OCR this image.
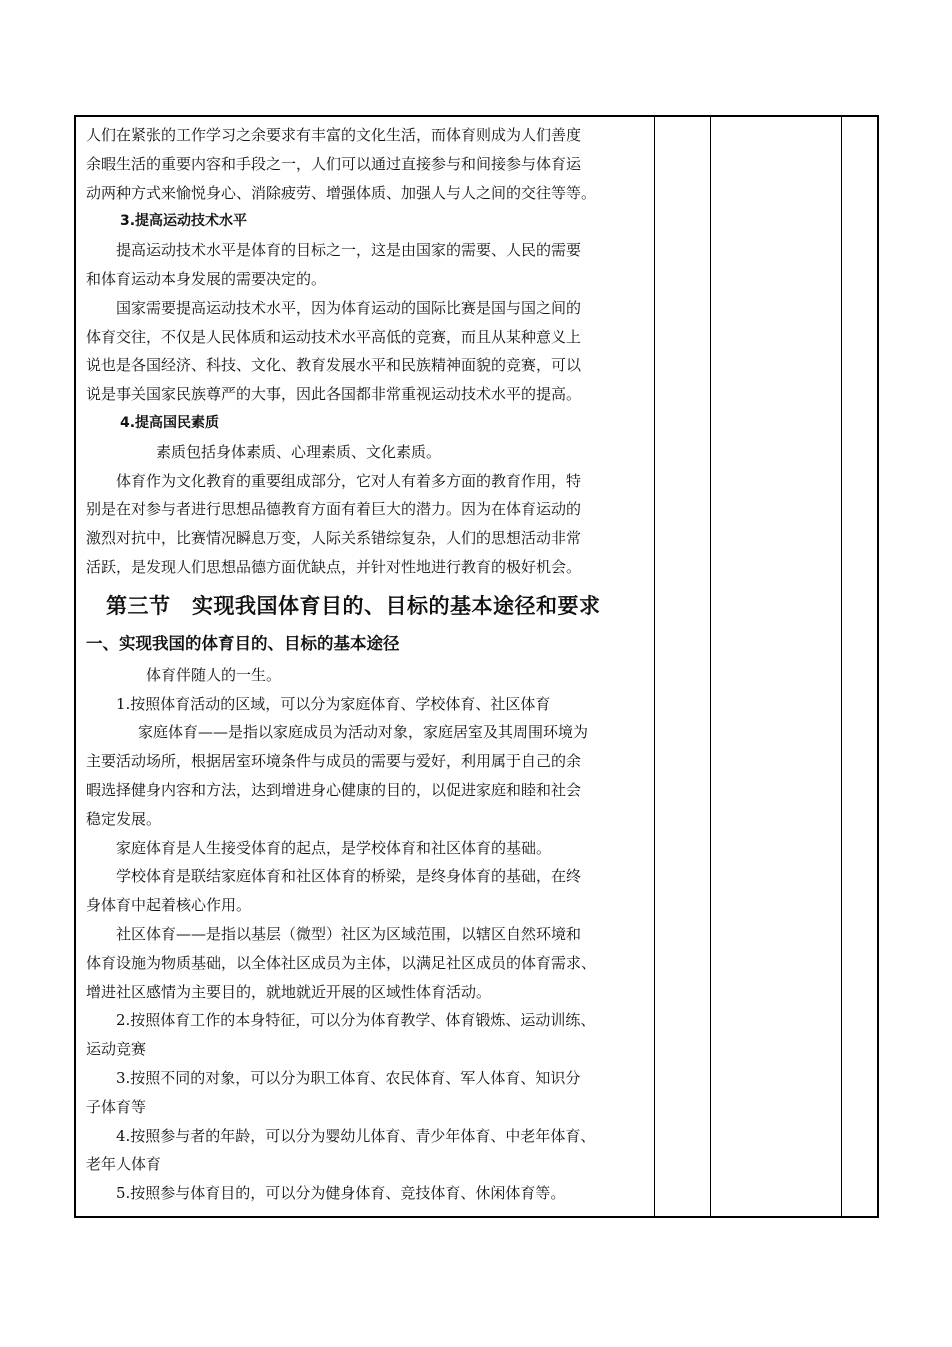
人们在紧张的工作学习之余要求有丰富的文化生活，而体育则成为人们善度
余暇生活的重要内容和手段之一，人们可以通过直接参与和间接参与体育运
动两种方式来愉悦身心、消除疲劳、增强体质、加强人与人之间的交往等等。
3.提高运动技术水平
提高运动技术水平是体育的目标之一，这是由国家的需要、人民的需要
和体育运动本身发展的需要决定的。
国家需要提高运动技术水平，因为体育运动的国际比赛是国与国之间的
体育交往，不仅是人民体质和运动技术水平高低的竞赛，而且从某种意义上
说也是各国经济、科技、文化、教育发展水平和民族精神面貌的竞赛，可以
说是事关国家民族尊严的大事，因此各国都非常重视运动技术水平的提高。
4.提高国民素质
素质包括身体素质、心理素质、文化素质。
体育作为文化教育的重要组成部分，它对人有着多方面的教育作用，特
别是在对参与者进行思想品德教育方面有着巨大的潜力。因为在体育运动的
激烈对抗中，比赛情况瞬息万变，人际关系错综复杂，人们的思想活动非常
活跃，是发现人们思想品德方面优缺点，并针对性地进行教育的极好机会。
第三节　实现我国体育目的、目标的基本途径和要求
一、实现我国的体育目的、目标的基本途径
体育伴随人的一生。
1.按照体育活动的区域，可以分为家庭体育、学校体育、社区体育
家庭体育——是指以家庭成员为活动对象，家庭居室及其周围环境为
主要活动场所，根据居室环境条件与成员的需要与爱好，利用属于自己的余
暇选择健身内容和方法，达到增进身心健康的目的，以促进家庭和睦和社会
稳定发展。
家庭体育是人生接受体育的起点，是学校体育和社区体育的基础。
学校体育是联结家庭体育和社区体育的桥梁，是终身体育的基础，在终
身体育中起着核心作用。
社区体育——是指以基层（微型）社区为区域范围，以辖区自然环境和
体育设施为物质基础，以全体社区成员为主体，以满足社区成员的体育需求、
增进社区感情为主要目的，就地就近开展的区域性体育活动。
2.按照体育工作的本身特征，可以分为体育教学、体育锻炼、运动训练、
运动竞赛
3.按照不同的对象，可以分为职工体育、农民体育、军人体育、知识分
子体育等
4.按照参与者的年龄，可以分为婴幼儿体育、青少年体育、中老年体育、
老年人体育
5.按照参与体育目的，可以分为健身体育、竞技体育、休闲体育等。
